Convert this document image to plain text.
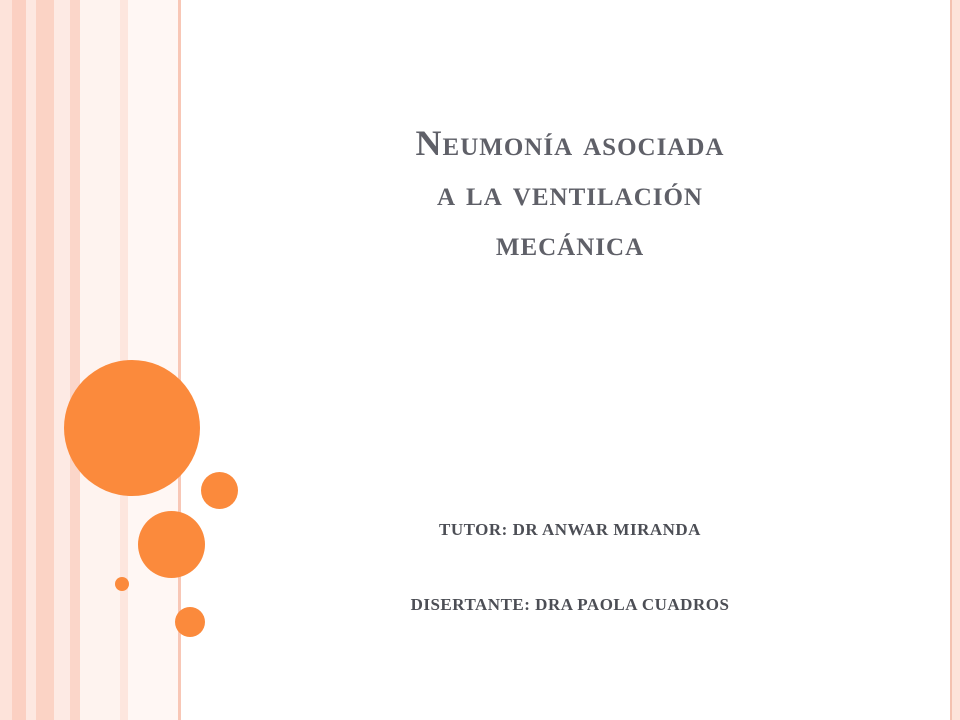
Neumonía asociada
a la ventilación
mecánica
TUTOR: DR ANWAR MIRANDA
DISERTANTE: DRA PAOLA CUADROS
